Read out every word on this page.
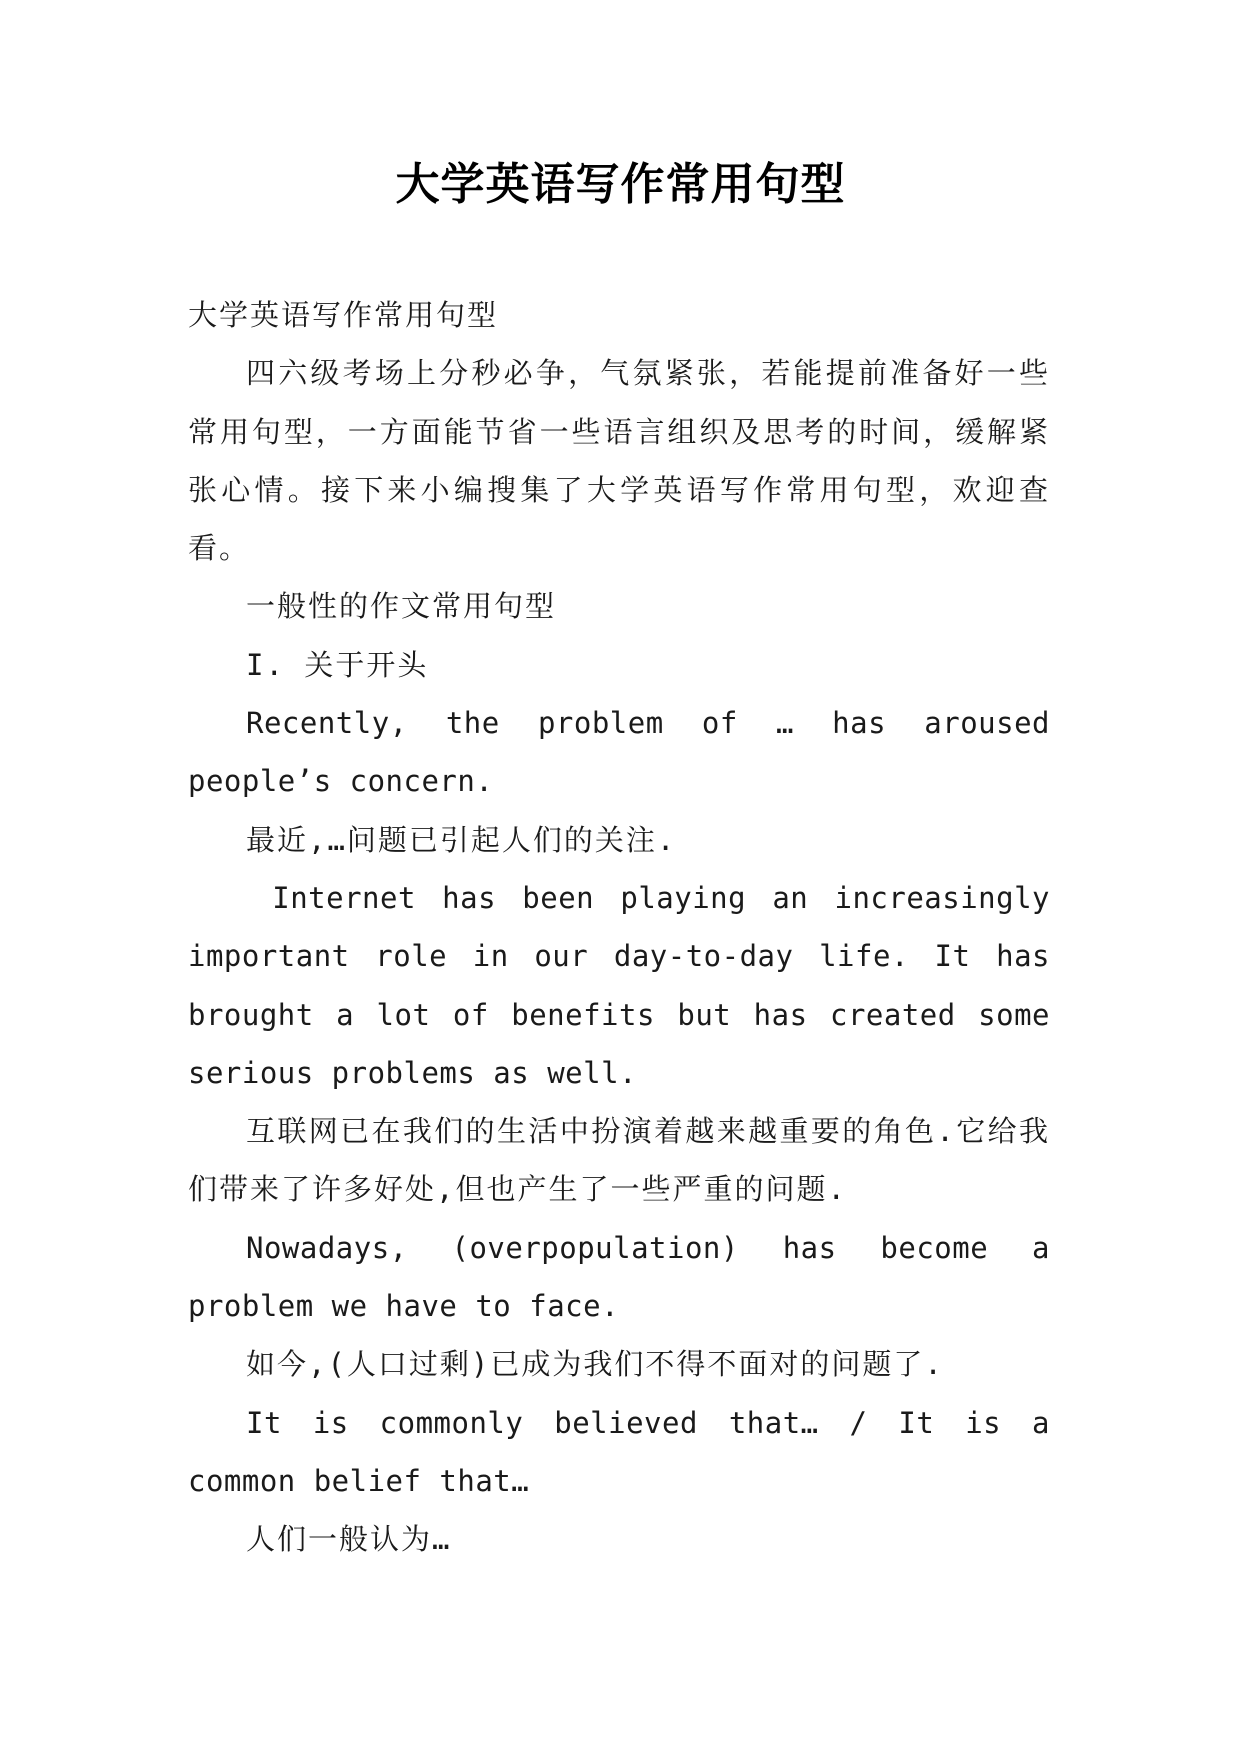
大学英语写作常用句型

大学英语写作常用句型

四六级考场上分秒必争，气氛紧张，若能提前准备好一些常用句型，一方面能节省一些语言组织及思考的时间，缓解紧张心情。接下来小编搜集了大学英语写作常用句型，欢迎查看。

一般性的作文常用句型

I. 关于开头

Recently, the problem of … has aroused people’s concern.

最近,…问题已引起人们的关注.

Internet has been playing an increasingly important role in our day-to-day life. It has brought a lot of benefits but has created some serious problems as well.

互联网已在我们的生活中扮演着越来越重要的角色.它给我们带来了许多好处,但也产生了一些严重的问题.

Nowadays, (overpopulation) has become a problem we have to face.

如今,(人口过剩)已成为我们不得不面对的问题了.

It is commonly believed that… / It is a common belief that…

人们一般认为…
